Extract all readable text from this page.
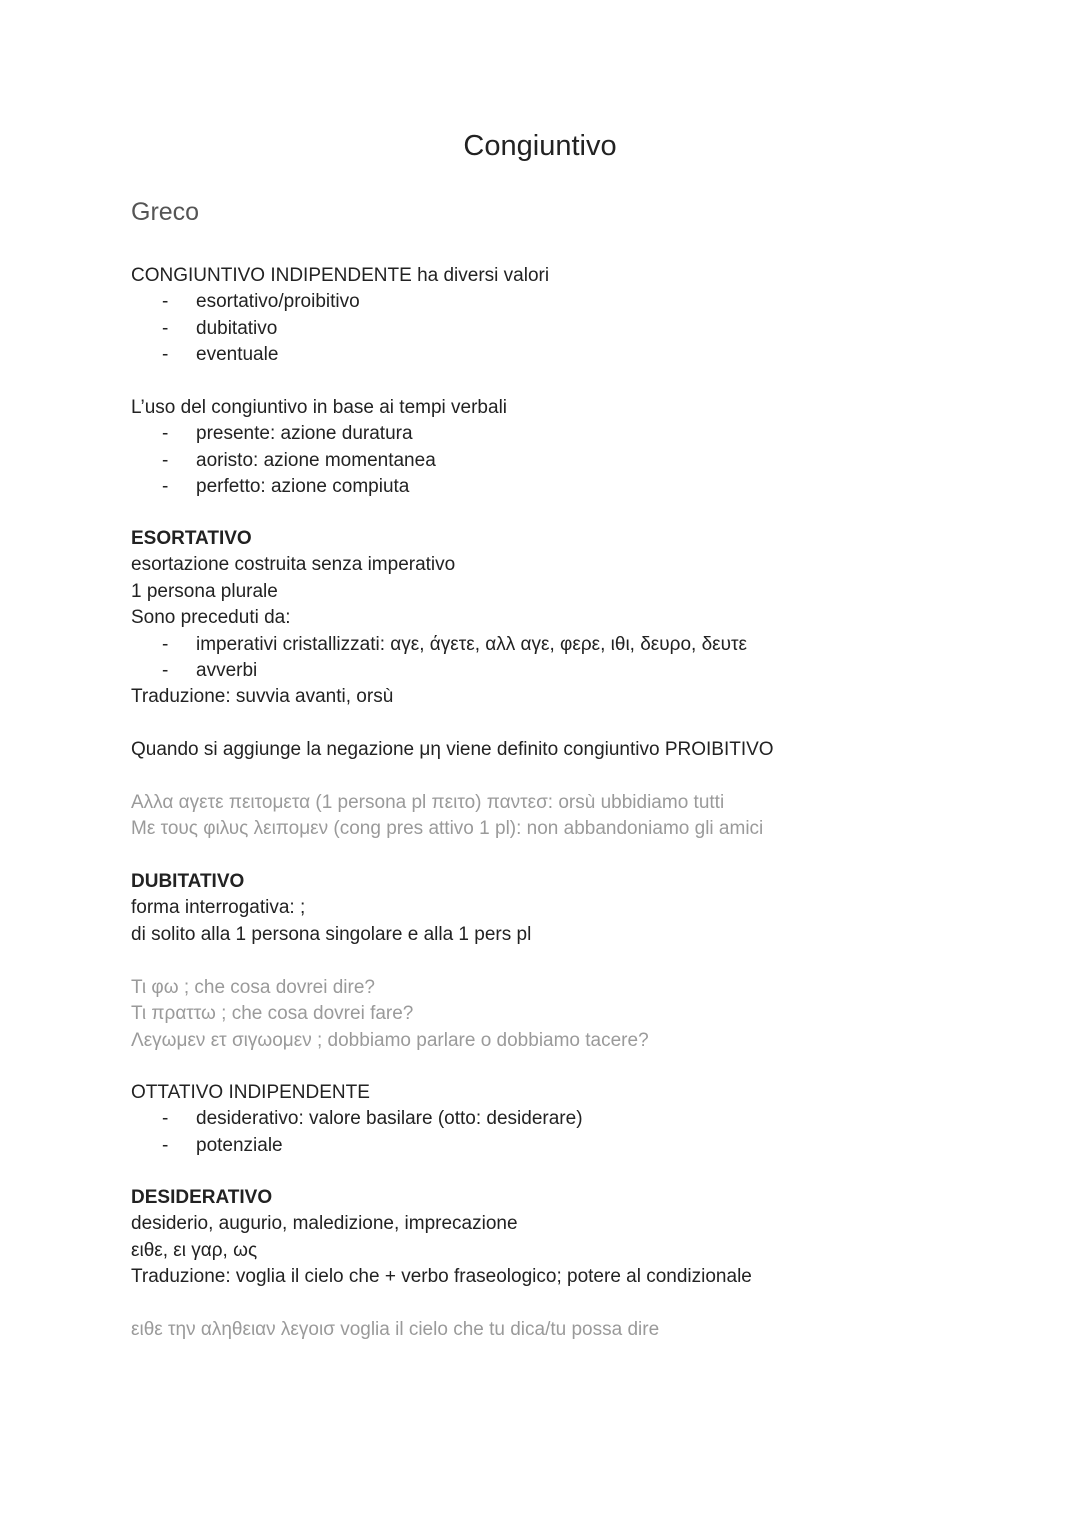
Congiuntivo
Greco
CONGIUNTIVO INDIPENDENTE ha diversi valori
- esortativo/proibitivo
- dubitativo
- eventuale
L’uso del congiuntivo in base ai tempi verbali
- presente: azione duratura
- aoristo: azione momentanea
- perfetto: azione compiuta
ESORTATIVO
esortazione costruita senza imperativo
1 persona plurale
Sono preceduti da:
- imperativi cristallizzati: αγε, άγετε, αλλ αγε, φερε, ιθι, δευρο, δευτε
- avverbi
Traduzione: suvvia avanti, orsù
Quando si aggiunge la negazione μη viene definito congiuntivo PROIBITIVO
Αλλα αγετε πειτομετα (1 persona pl πειτο) παντεσ: orsù ubbidiamo tutti
Με τους φιλυς λειπομεν (cong pres attivo 1 pl): non abbandoniamo gli amici
DUBITATIVO
forma interrogativa: ;
di solito alla 1 persona singolare e alla 1 pers pl
Τι φω ; che cosa dovrei dire?
Τι πραττω ; che cosa dovrei fare?
Λεγωμεν ετ σιγωομεν ; dobbiamo parlare o dobbiamo tacere?
OTTATIVO INDIPENDENTE
- desiderativo: valore basilare (otto: desiderare)
- potenziale
DESIDERATIVO
desiderio, augurio, maledizione, imprecazione
ειθε, ει γαρ, ως
Traduzione: voglia il cielo che + verbo fraseologico; potere al condizionale
ειθε την αληθειαν λεγοισ voglia il cielo che tu dica/tu possa dire
